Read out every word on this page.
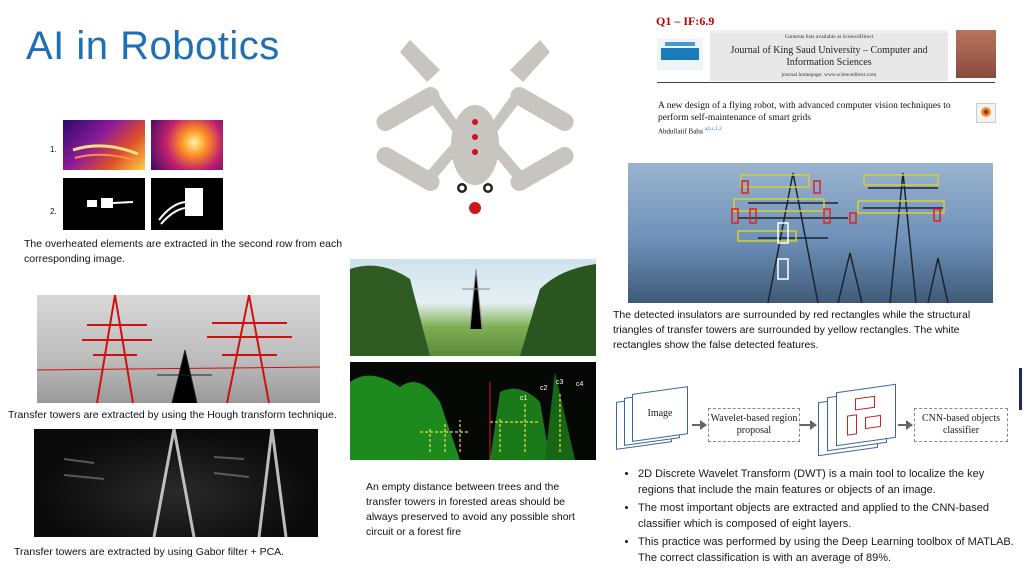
AI in Robotics
1.
2.
The overheated elements are extracted in the second row from each corresponding image.
Transfer towers are extracted by using the Hough transform technique.
Transfer towers are extracted by using Gabor filter + PCA.
c1
c2
c3 c4
An empty distance between trees and the transfer towers in forested areas should be always preserved to avoid any possible short circuit or a forest fire
Q1 – IF:6.9
Contents lists available at ScienceDirect
Journal of King Saud University – Computer and Information Sciences
journal homepage: www.sciencedirect.com
A new design of a flying robot, with advanced computer vision techniques to perform self-maintenance of smart grids
Abdullatif Baba $^{a,b,c,1,2}$
The detected insulators are surrounded by red rectangles while the structural triangles of transfer towers are surrounded by yellow rectangles. The white rectangles show the false detected features.
Image	Wavelet-based region proposal
CNN-based objects classifier
• 2D Discrete Wavelet Transform (DWT) is a main tool to localize the key regions that include the main features or objects of an image.
• The most important objects are extracted and applied to the CNN-based classifier which is composed of eight layers.
• This practice was performed by using the Deep Learning toolbox of MATLAB. The correct classification is with an average of 89%.
